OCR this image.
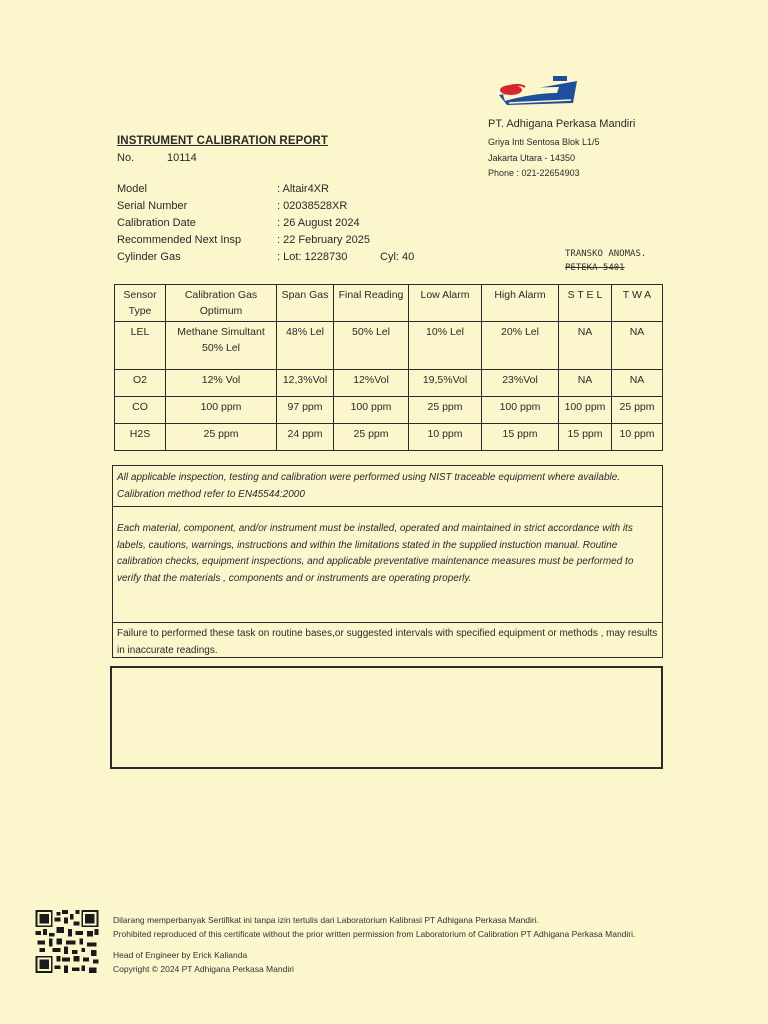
PT. Adhigana Perkasa Mandiri
Griya Inti Sentosa Blok L1/5
Jakarta Utara - 14350
Phone : 021-22654903
INSTRUMENT CALIBRATION REPORT
No.	10114
Model	: Altair4XR
Serial Number	: 02038528XR
Calibration Date	: 26 August 2024
Recommended Next Insp	: 22 February 2025
Cylinder Gas	: Lot: 1228730	Cyl: 40	TRANSKO ANOMAS.
PETEKA 5401
Sensor Type	Calibration Gas Optimum	Span Gas	Final Reading	Low Alarm	High Alarm	S T E L	T W A
LEL	Methane Simultant 50% Lel	48% Lel	50% Lel	10% Lel	20% Lel	NA	NA
O2	12% Vol	12,3%Vol	12%Vol	19,5%Vol	23%Vol	NA	NA
CO	100 ppm	97 ppm	100 ppm	25 ppm	100 ppm	100 ppm	25 ppm
H2S	25 ppm	24 ppm	25 ppm	10 ppm	15 ppm	15 ppm	10 ppm
All applicable inspection, testing and calibration were performed using NIST traceable equipment where available. Calibration method refer to EN45544:2000
Each material, component, and/or instrument must be installed, operated and maintained in strict accordance with its labels, cautions, warnings, instructions and within the limitations stated in the supplied instuction manual. Routine calibration checks, equipment inspections, and applicable preventative maintenance measures must be performed to verify that the materials , components and or instruments are operating properly.
Failure to performed these task on routine bases,or suggested intervals with specified equipment or methods , may results in inaccurate readings.
Dilarang memperbanyak Sertifikat ini tanpa izin tertulis dari Laboratorium Kalibrasi PT Adhigana Perkasa Mandiri.
Prohibited reproduced of this certificate without the prior written permission from Laboratorium of Calibration PT Adhigana Perkasa Mandiri.
Head of Engineer by Erick Kalianda
Copyright © 2024 PT Adhigana Perkasa Mandiri
